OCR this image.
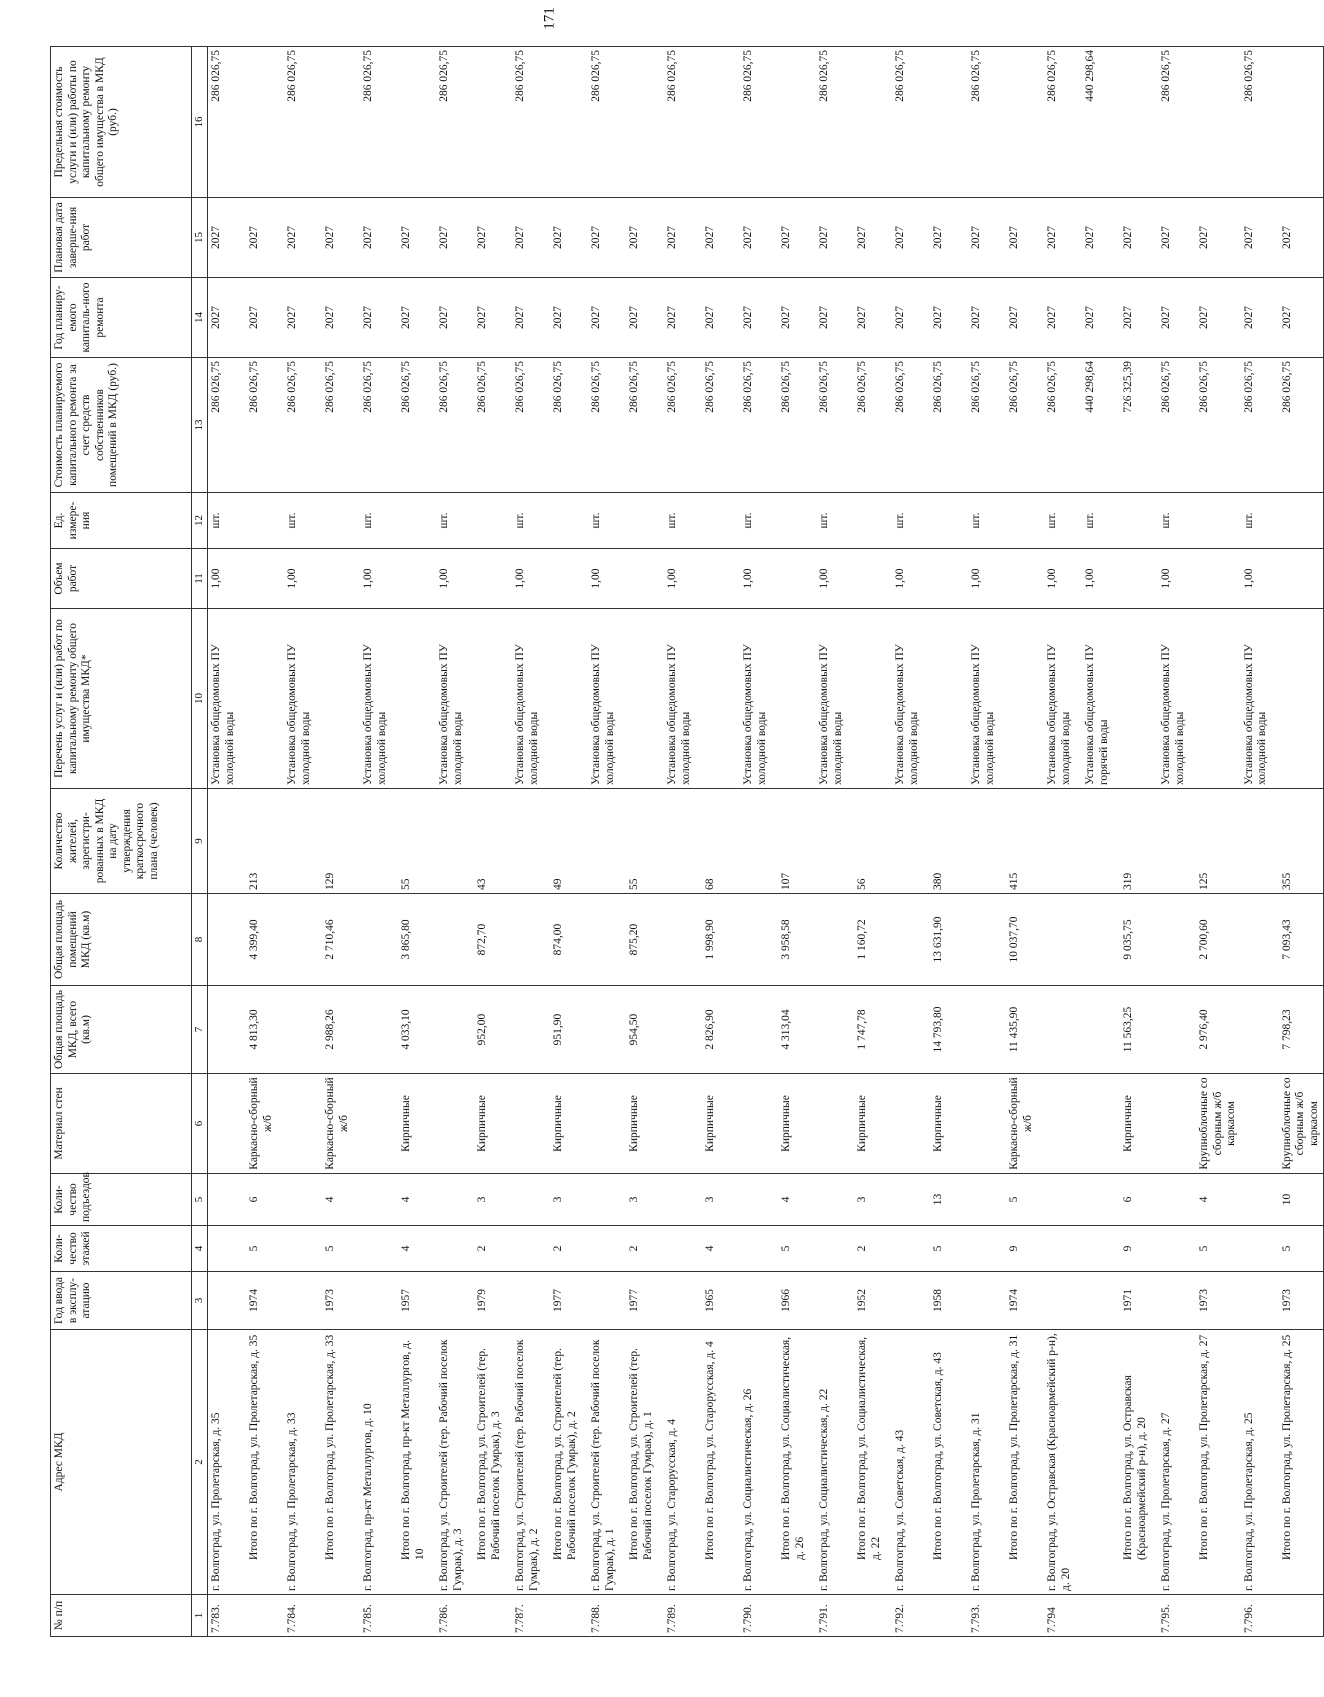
171
№ п/п	Адрес МКД	Год ввода в эксплу-атацию	Коли-чество этажей	Коли-чество подъездов	Материал стен	Общая площадь МКД, всего (кв.м)	Общая площадь помещений МКД (кв.м)	Количество жителей, зарегистри-рованных в МКД на дату утверждения краткосрочного плана (человек)	Перечень услуг и (или) работ по капитальному ремонту общего имущества МКД*	Объем работ	Ед. измере-ния	Стоимость планируемого капитального ремонта за счет средств собственников помещений в МКД (руб.)	Год планиру-емого капиталь-ного ремонта	Плановая дата заверше-ния работ	Предельная стоимость услуги и (или) работы по капитальному ремонту общего имущества в МКД (руб.)
1	2	3	4	5	6	7	8	9	10	11	12	13	14	15	16
7.783.	г. Волгоград, ул. Пролетарская, д. 35								Установка общедомовых ПУ холодной воды	1,00	шт.	286 026,75	2027	2027	286 026,75
	Итого по г. Волгоград, ул. Пролетарская, д. 35	1974	5	6	Каркасно-сборный ж/б	4 813,30	4 399,40	213				286 026,75	2027	2027	
7.784.	г. Волгоград, ул. Пролетарская, д. 33								Установка общедомовых ПУ холодной воды	1,00	шт.	286 026,75	2027	2027	286 026,75
	Итого по г. Волгоград, ул. Пролетарская, д. 33	1973	5	4	Каркасно-сборный ж/б	2 988,26	2 710,46	129				286 026,75	2027	2027	
7.785.	г. Волгоград, пр-кт Металлургов, д. 10								Установка общедомовых ПУ холодной воды	1,00	шт.	286 026,75	2027	2027	286 026,75
	Итого по г. Волгоград, пр-кт Металлургов, д. 10	1957	4	4	Кирпичные	4 033,10	3 865,80	55				286 026,75	2027	2027	
7.786.	г. Волгоград, ул. Строителей (тер. Рабочий поселок Гумрак), д. 3								Установка общедомовых ПУ холодной воды	1,00	шт.	286 026,75	2027	2027	286 026,75
	Итого по г. Волгоград, ул. Строителей (тер. Рабочий поселок Гумрак), д. 3	1979	2	3	Кирпичные	952,00	872,70	43				286 026,75	2027	2027	
7.787.	г. Волгоград, ул. Строителей (тер. Рабочий поселок Гумрак), д. 2								Установка общедомовых ПУ холодной воды	1,00	шт.	286 026,75	2027	2027	286 026,75
	Итого по г. Волгоград, ул. Строителей (тер. Рабочий поселок Гумрак), д. 2	1977	2	3	Кирпичные	951,90	874,00	49				286 026,75	2027	2027	
7.788.	г. Волгоград, ул. Строителей (тер. Рабочий поселок Гумрак), д. 1								Установка общедомовых ПУ холодной воды	1,00	шт.	286 026,75	2027	2027	286 026,75
	Итого по г. Волгоград, ул. Строителей (тер. Рабочий поселок Гумрак), д. 1	1977	2	3	Кирпичные	954,50	875,20	55				286 026,75	2027	2027	
7.789.	г. Волгоград, ул. Старорусская, д. 4								Установка общедомовых ПУ холодной воды	1,00	шт.	286 026,75	2027	2027	286 026,75
	Итого по г. Волгоград, ул. Старорусская, д. 4	1965	4	3	Кирпичные	2 826,90	1 998,90	68				286 026,75	2027	2027	
7.790.	г. Волгоград, ул. Социалистическая, д. 26								Установка общедомовых ПУ холодной воды	1,00	шт.	286 026,75	2027	2027	286 026,75
	Итого по г. Волгоград, ул. Социалистическая, д. 26	1966	5	4	Кирпичные	4 313,04	3 958,58	107				286 026,75	2027	2027	
7.791.	г. Волгоград, ул. Социалистическая, д. 22								Установка общедомовых ПУ холодной воды	1,00	шт.	286 026,75	2027	2027	286 026,75
	Итого по г. Волгоград, ул. Социалистическая, д. 22	1952	2	3	Кирпичные	1 747,78	1 160,72	56				286 026,75	2027	2027	
7.792.	г. Волгоград, ул. Советская, д. 43								Установка общедомовых ПУ холодной воды	1,00	шт.	286 026,75	2027	2027	286 026,75
	Итого по г. Волгоград, ул. Советская, д. 43	1958	5	13	Кирпичные	14 793,80	13 631,90	380				286 026,75	2027	2027	
7.793.	г. Волгоград, ул. Пролетарская, д. 31								Установка общедомовых ПУ холодной воды	1,00	шт.	286 026,75	2027	2027	286 026,75
	Итого по г. Волгоград, ул. Пролетарская, д. 31	1974	9	5	Каркасно-сборный ж/б	11 435,90	10 037,70	415				286 026,75	2027	2027	
7.794	г. Волгоград, ул. Остравская (Красноармейский р-н), д. 20								Установка общедомовых ПУ холодной воды	1,00	шт.	286 026,75	2027	2027	286 026,75
									Установка общедомовых ПУ горячей воды	1,00	шт.	440 298,64	2027	2027	440 298,64
	Итого по г. Волгоград, ул. Остравская (Красноармейский р-н), д. 20	1971	9	6	Кирпичные	11 563,25	9 035,75	319				726 325,39	2027	2027	
7.795.	г. Волгоград, ул. Пролетарская, д. 27								Установка общедомовых ПУ холодной воды	1,00	шт.	286 026,75	2027	2027	286 026,75
	Итого по г. Волгоград, ул. Пролетарская, д. 27	1973	5	4	Крупноблочные со сборным ж/б каркасом	2 976,40	2 700,60	125				286 026,75	2027	2027	
7.796.	г. Волгоград, ул. Пролетарская, д. 25								Установка общедомовых ПУ холодной воды	1,00	шт.	286 026,75	2027	2027	286 026,75
	Итого по г. Волгоград, ул. Пролетарская, д. 25	1973	5	10	Крупноблочные со сборным ж/б каркасом	7 798,23	7 093,43	355				286 026,75	2027	2027	
